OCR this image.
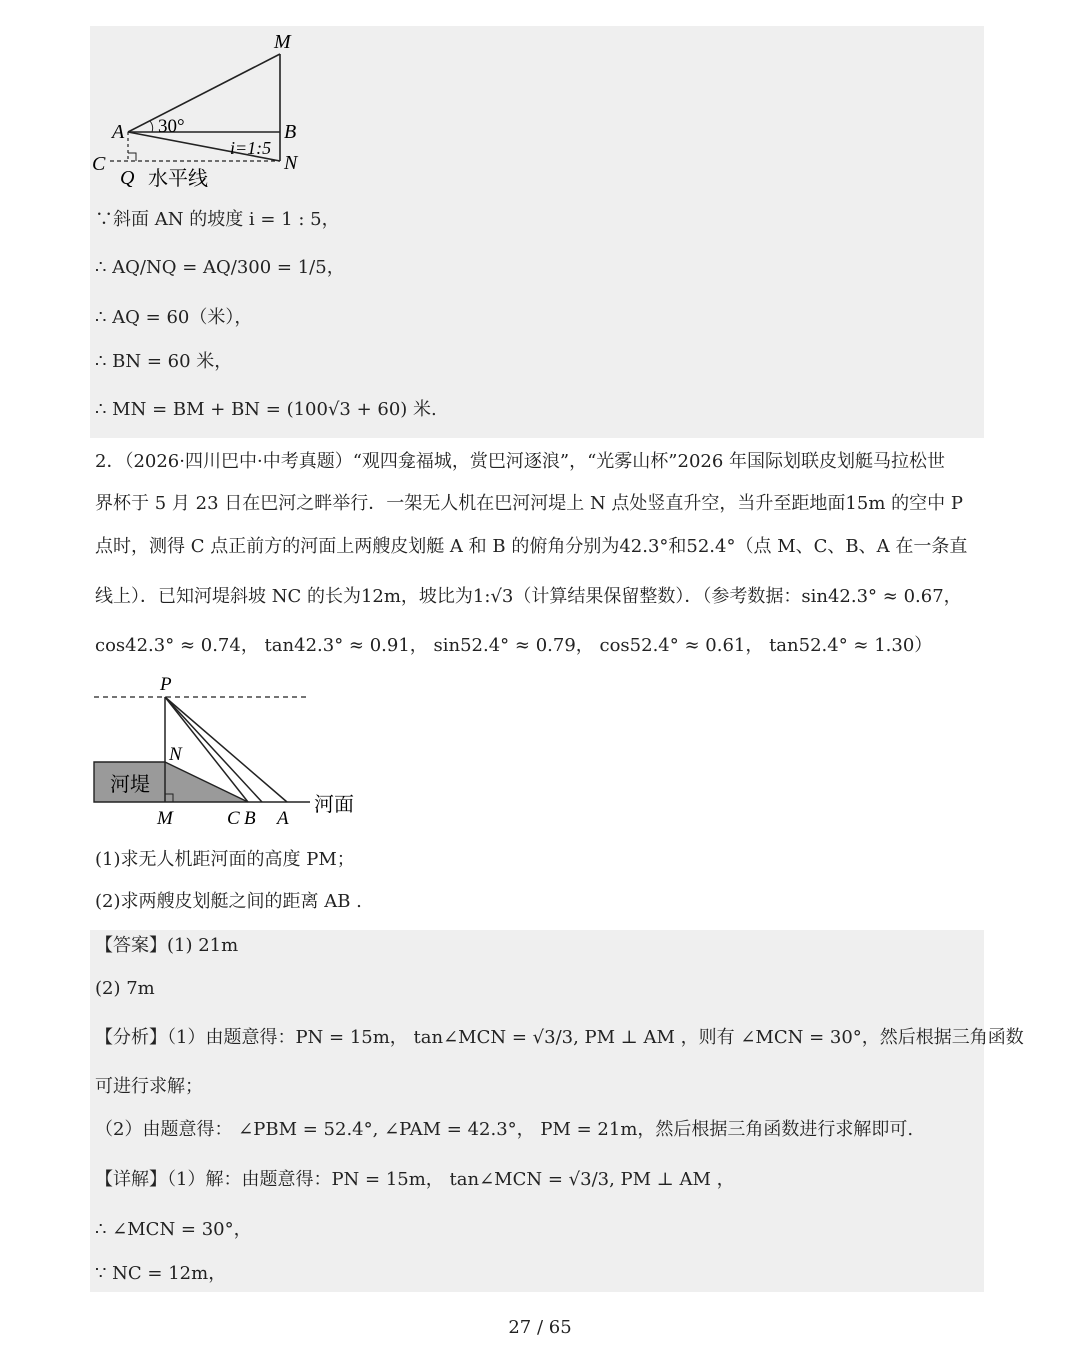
M
A 30°	B
i=1:5
C	N
Q 水平线
∵斜面 AN 的坡度 i = 1 : 5，
∴ AQ/NQ = AQ/300 = 1/5，
∴ AQ = 60（米），
∴ BN = 60 米，
∴ MN = BM + BN = (100√3 + 60) 米.
2．（2026·四川巴中·中考真题）“观四龛福城，赏巴河逐浪”，“光雾山杯”2026 年国际划联皮划艇马拉松世
界杯于 5 月 23 日在巴河之畔举行．一架无人机在巴河河堤上 N 点处竖直升空，当升至距地面15m 的空中 P
点时，测得 C 点正前方的河面上两艘皮划艇 A 和 B 的俯角分别为42.3°和52.4°（点 M、C、B、A 在一条直
线上）．已知河堤斜坡 NC 的长为12m，坡比为1:√3（计算结果保留整数）．（参考数据：sin42.3° ≈ 0.67，
cos42.3° ≈ 0.74， tan42.3° ≈ 0.91， sin52.4° ≈ 0.79， cos52.4° ≈ 0.61， tan52.4° ≈ 1.30）
P
N
河堤
河面
M	C B A
(1)求无人机距河面的高度 PM；
(2)求两艘皮划艇之间的距离 AB .
【答案】(1) 21m
(2) 7m
【分析】（1）由题意得：PN = 15m， tan∠MCN = √3/3, PM ⊥ AM ，则有 ∠MCN = 30°，然后根据三角函数
可进行求解；
（2）由题意得： ∠PBM = 52.4°, ∠PAM = 42.3°， PM = 21m，然后根据三角函数进行求解即可.
【详解】（1）解：由题意得：PN = 15m， tan∠MCN = √3/3, PM ⊥ AM ，
∴ ∠MCN = 30°，
∵ NC = 12m，
27 / 65
